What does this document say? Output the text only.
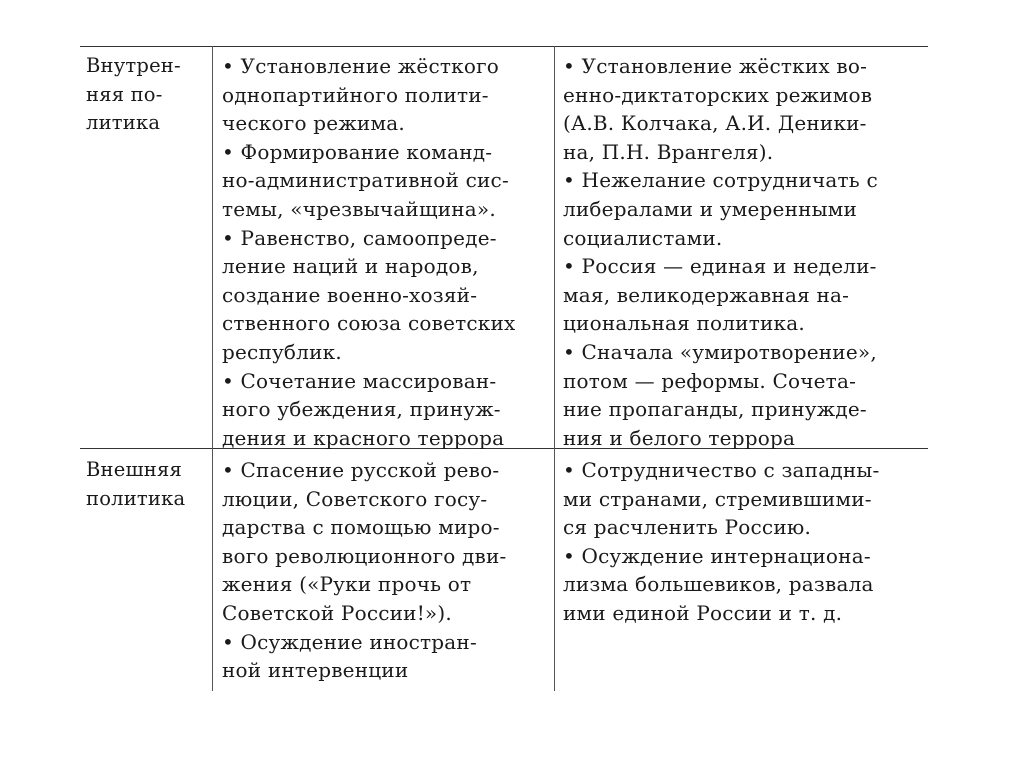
Внутрен-
няя по-
литика
• Установление жёсткого
однопартийного полити-
ческого режима.
• Формирование команд-
но-административной сис-
темы, «чрезвычайщина».
• Равенство, самоопреде-
ление наций и народов,
создание военно-хозяй-
ственного союза советских
республик.
• Сочетание массирован-
ного убеждения, принуж-
дения и красного террора
• Установление жёстких во-
енно-диктаторских режимов
(А.В. Колчака, А.И. Деники-
на, П.Н. Врангеля).
• Нежелание сотрудничать с
либералами и умеренными
социалистами.
• Россия — единая и недели-
мая, великодержавная на-
циональная политика.
• Сначала «умиротворение»,
потом — реформы. Сочета-
ние пропаганды, принужде-
ния и белого террора
Внешняя
политика
• Спасение русской рево-
люции, Советского госу-
дарства с помощью миро-
вого революционного дви-
жения («Руки прочь от
Советской России!»).
• Осуждение иностран-
ной интервенции
• Сотрудничество с западны-
ми странами, стремившими-
ся расчленить Россию.
• Осуждение интернациона-
лизма большевиков, развала
ими единой России и т. д.
